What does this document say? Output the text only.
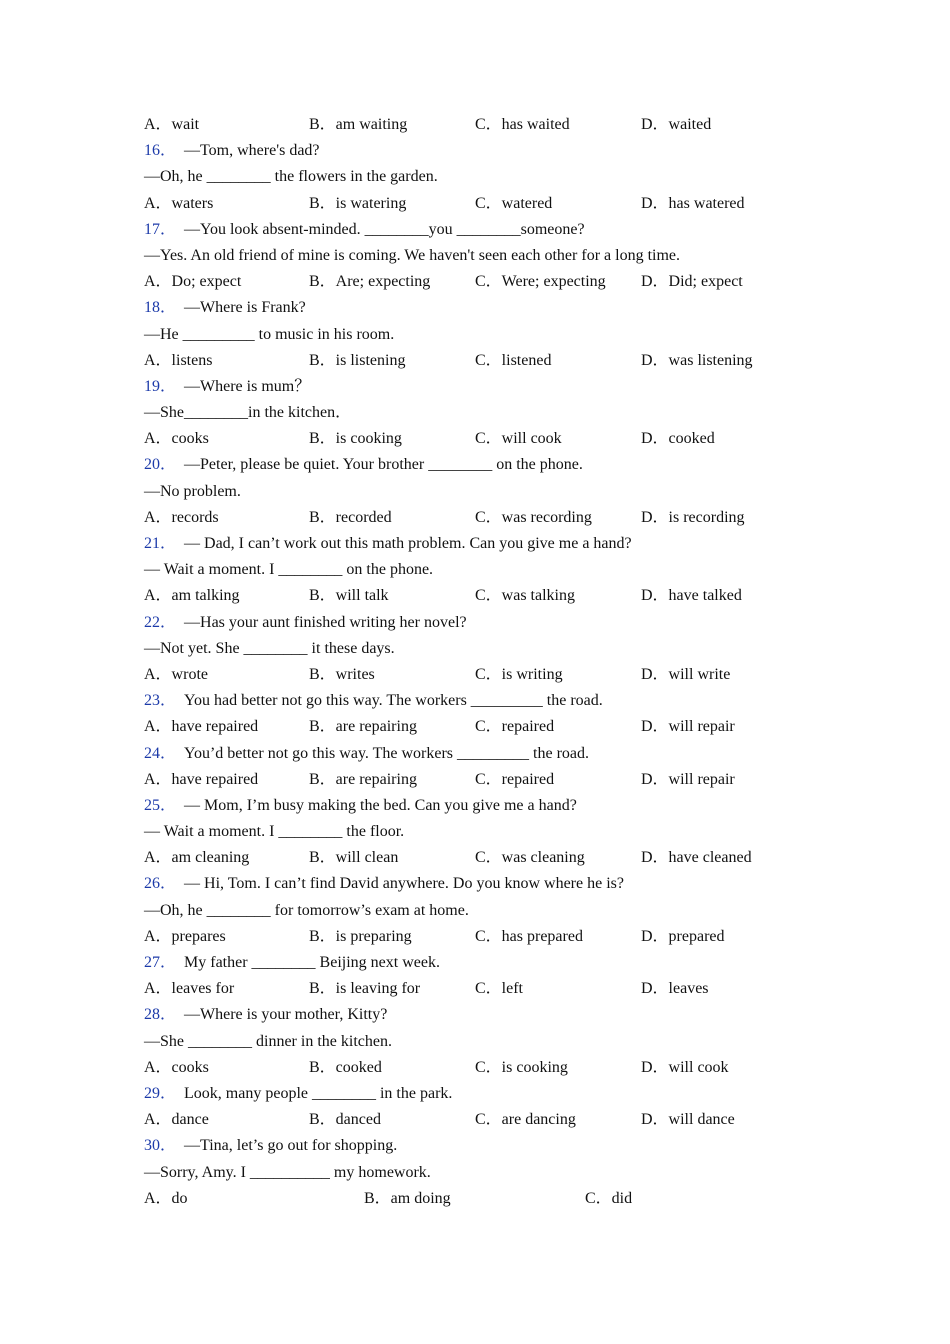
A．wait	B．am waiting	C．has waited	D．waited
16． —Tom, where's dad?
—Oh, he ________ the flowers in the garden.
A．waters	B．is watering	C．watered	D．has watered
17． —You look absent-minded. ________you ________someone?
—Yes. An old friend of mine is coming. We haven't seen each other for a long time.
A．Do; expect	B．Are; expecting	C．Were; expecting D．Did; expect
18． —Where is Frank?
—He _________ to music in his room.
A．listens	B．is listening	C．listened	D．was listening
19． —Where is mum？
—She________in the kitchen．
A．cooks	B．is cooking	C．will cook	D．cooked
20． —Peter, please be quiet. Your brother ________ on the phone.
—No problem.
A．records	B．recorded	C．was recording	D．is recording
21． — Dad, I can’t work out this math problem. Can you give me a hand?
— Wait a moment. I ________ on the phone.
A．am talking	B．will talk	C．was talking	D．have talked
22． —Has your aunt finished writing her novel?
—Not yet. She ________ it these days.
A．wrote	B．writes	C．is writing	D．will write
23． You had better not go this way. The workers _________ the road.
A．have repaired	B．are repairing	C．repaired	D．will repair
24． You’d better not go this way. The workers _________ the road.
A．have repaired	B．are repairing	C．repaired	D．will repair
25． — Mom, I’m busy making the bed. Can you give me a hand?
— Wait a moment. I ________ the floor.
A．am cleaning	B．will clean	C．was cleaning	D．have cleaned
26． — Hi, Tom. I can’t find David anywhere. Do you know where he is?
—Oh, he ________ for tomorrow’s exam at home.
A．prepares	B．is preparing	C．has prepared	D．prepared
27． My father ________ Beijing next week.
A．leaves for	B．is leaving for	C．left	D．leaves
28． —Where is your mother, Kitty?
—She ________ dinner in the kitchen.
A．cooks	B．cooked	C．is cooking	D．will cook
29． Look, many people ________ in the park.
A．dance	B．danced	C．are dancing	D．will dance
30． —Tina, let’s go out for shopping.
—Sorry, Amy. I __________ my homework.
A．do	B．am doing	C．did
